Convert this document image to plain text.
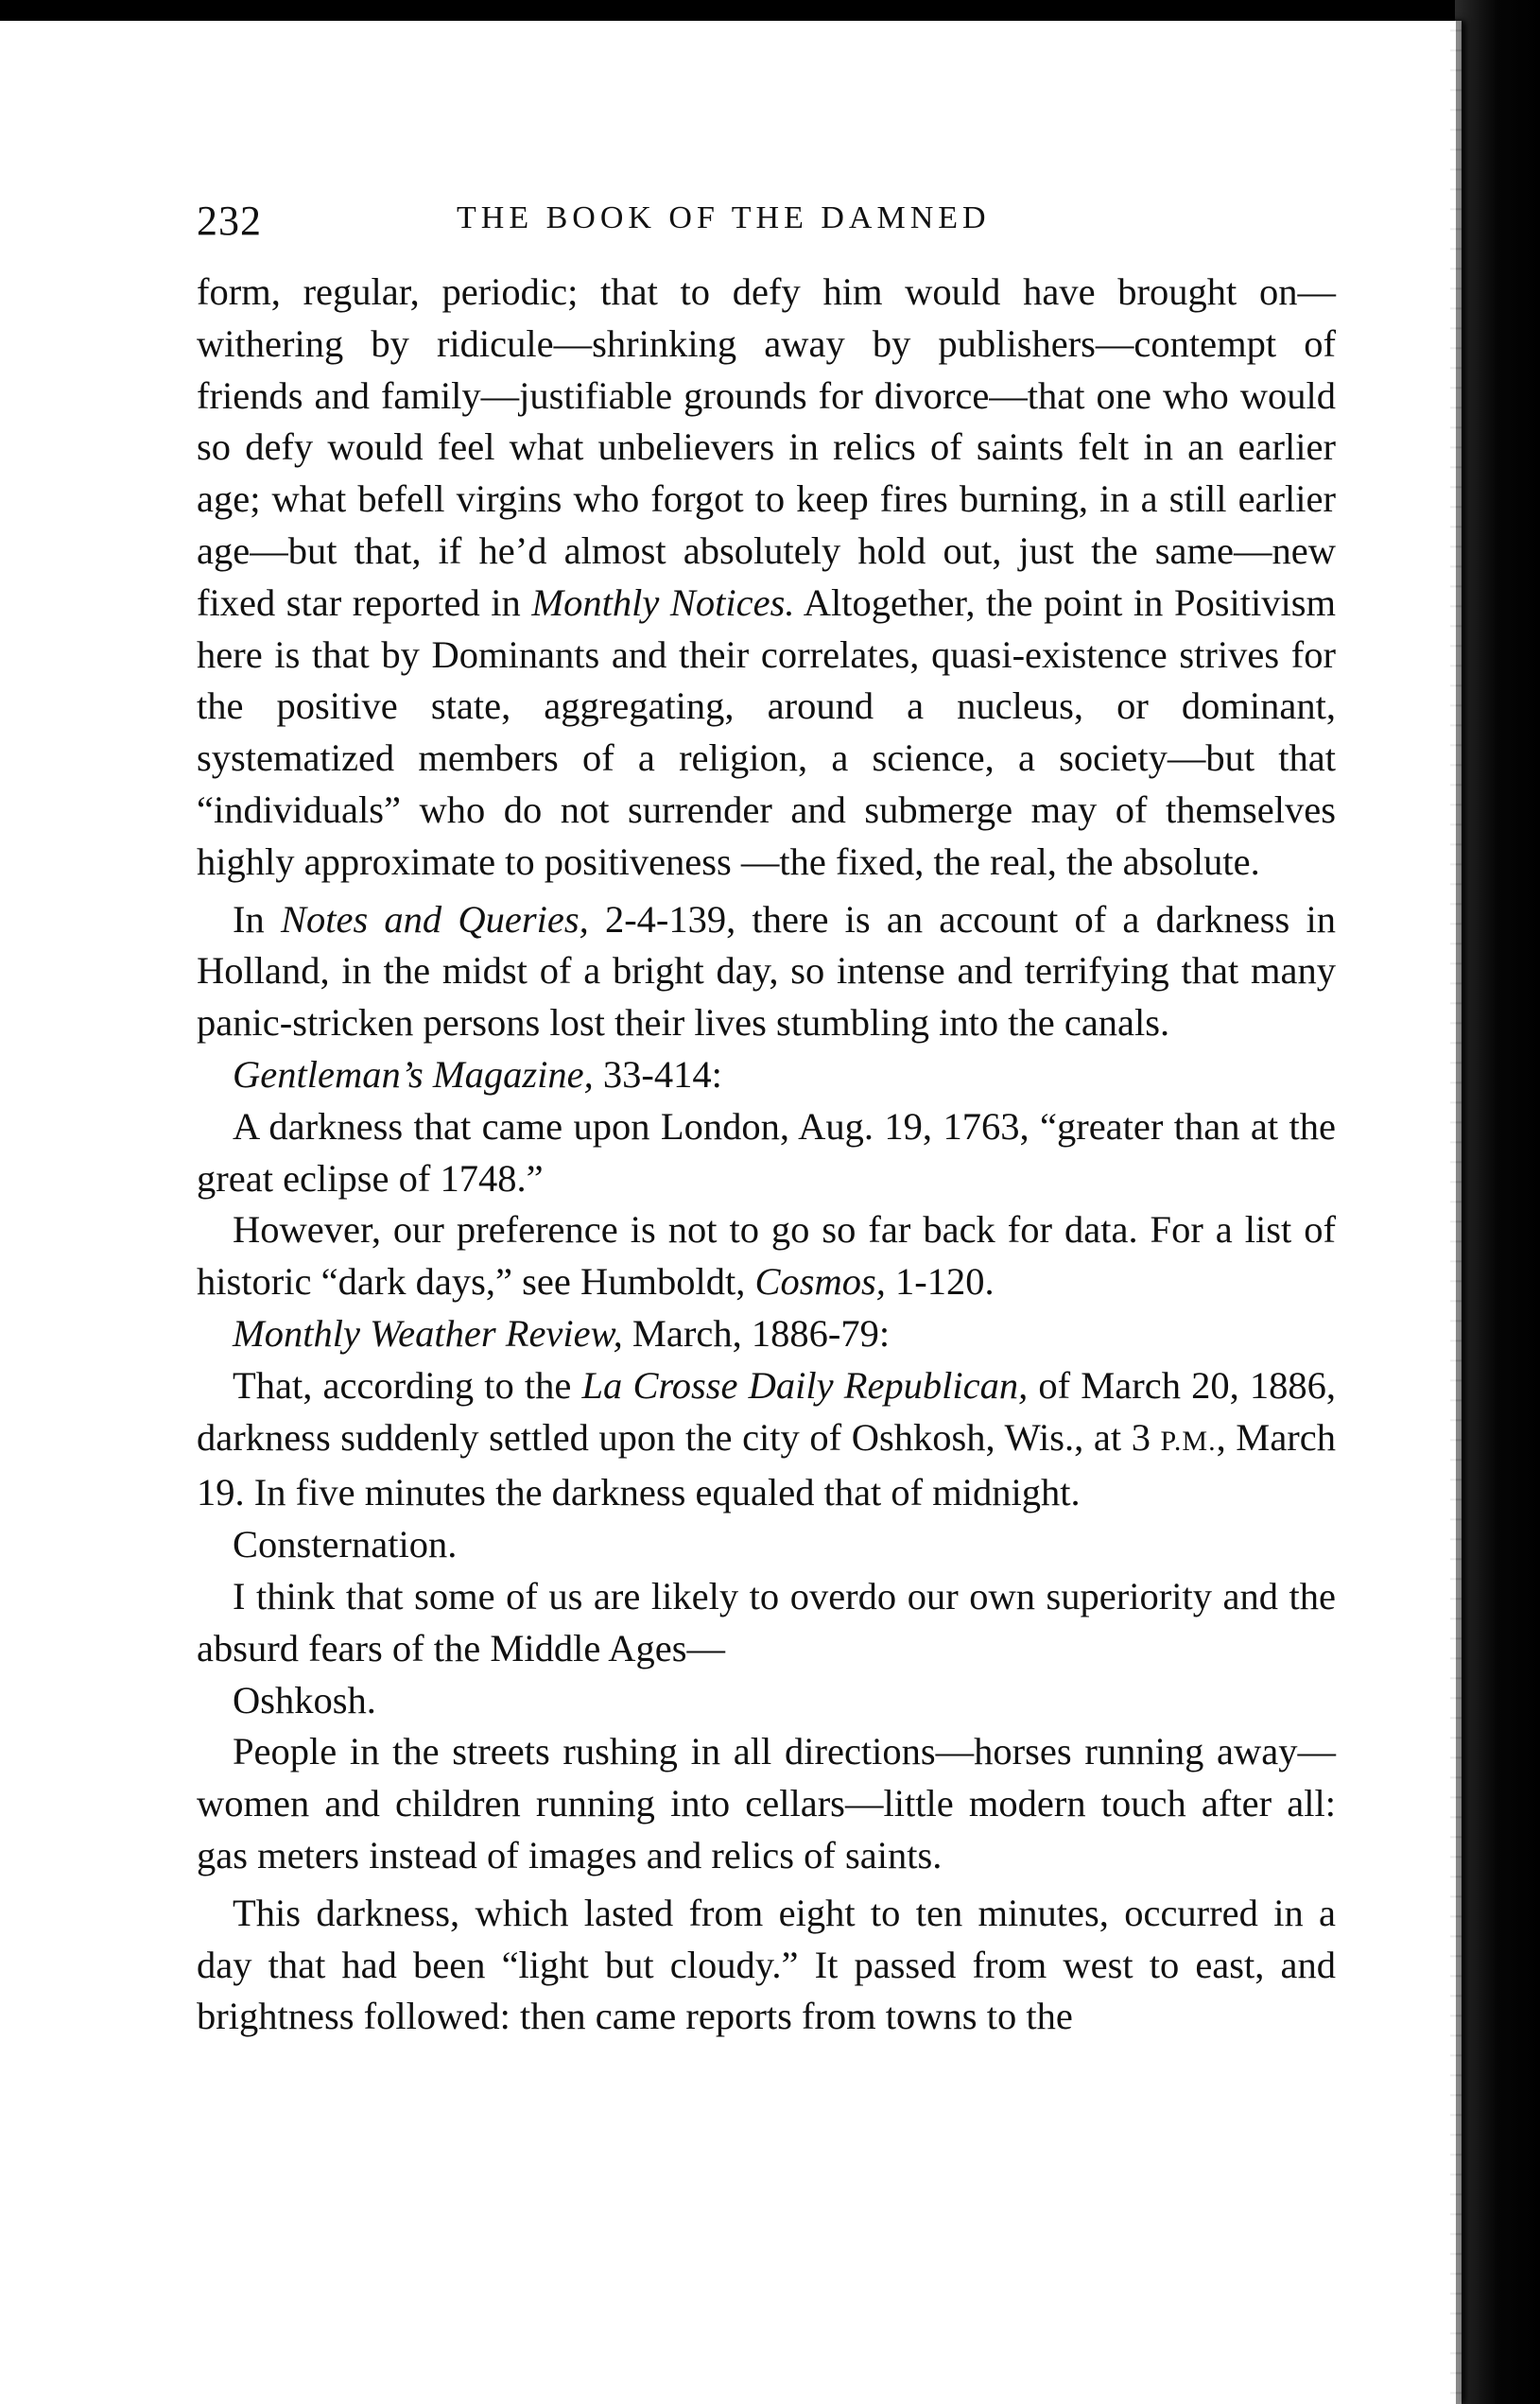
232	THE BOOK OF THE DAMNED

form, regular, periodic; that to defy him would have brought on—withering by ridicule—shrinking away by publishers—contempt of friends and family—justifiable grounds for divorce—that one who would so defy would feel what unbelievers in relics of saints felt in an earlier age; what befell virgins who forgot to keep fires burning, in a still earlier age—but that, if he’d almost absolutely hold out, just the same—new fixed star reported in Monthly Notices. Altogether, the point in Positivism here is that by Dominants and their correlates, quasi-existence strives for the positive state, aggregating, around a nucleus, or dominant, systematized members of a religion, a science, a society—but that “individuals” who do not surrender and submerge may of themselves highly approximate to positiveness —the fixed, the real, the absolute.

In Notes and Queries, 2-4-139, there is an account of a darkness in Holland, in the midst of a bright day, so intense and terrifying that many panic-stricken persons lost their lives stumbling into the canals.

Gentleman’s Magazine, 33-414:

A darkness that came upon London, Aug. 19, 1763, “greater than at the great eclipse of 1748.”

However, our preference is not to go so far back for data. For a list of historic “dark days,” see Humboldt, Cosmos, 1-120.

Monthly Weather Review, March, 1886-79:

That, according to the La Crosse Daily Republican, of March 20, 1886, darkness suddenly settled upon the city of Oshkosh, Wis., at 3 P.M., March 19. In five minutes the darkness equaled that of midnight.

Consternation.

I think that some of us are likely to overdo our own superiority and the absurd fears of the Middle Ages—

Oshkosh.

People in the streets rushing in all directions—horses running away—women and children running into cellars—little modern touch after all: gas meters instead of images and relics of saints.

This darkness, which lasted from eight to ten minutes, occurred in a day that had been “light but cloudy.” It passed from west to east, and brightness followed: then came reports from towns to the
